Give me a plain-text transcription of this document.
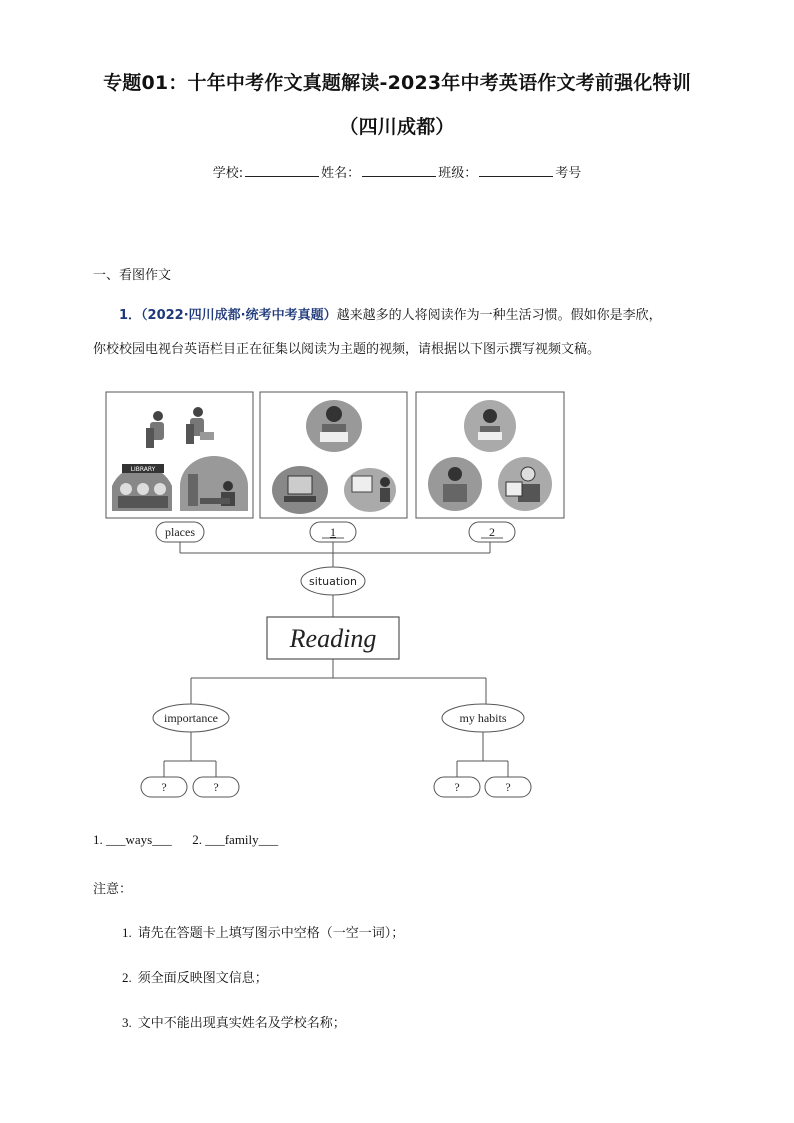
专题01：十年中考作文真题解读-2023年中考英语作文考前强化特训
（四川成都）
学校:	姓名：	班级：	考号
一、看图作文
1．（2022·四川成都·统考中考真题）越来越多的人将阅读作为一种生活习惯。假如你是李欣，
你校校园电视台英语栏目正在征集以阅读为主题的视频，请根据以下图示撰写视频文稿。
LIBRARY
places	1	2
situation
Reading
importance	my habits
?	?	?	?
1. ___ways___ 2. ___family___
注意：
1. 请先在答题卡上填写图示中空格（一空一词）；
2. 须全面反映图文信息；
3. 文中不能出现真实姓名及学校名称；
